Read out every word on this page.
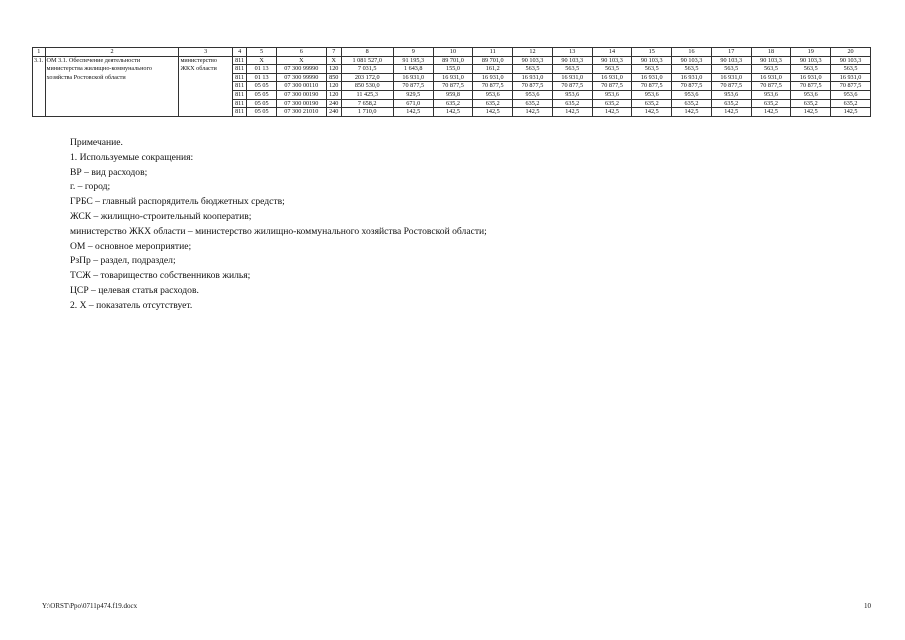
1	2	3	4	5	6	7	8	9	10	11	12	13	14	15	16	17	18	19	20
3.1.	ОМ 3.1. Обеспечение деятельности министерства жилищно-коммунального хозяйства Ростовской области	министерство ЖКХ области	811	Х	Х	Х	1 081 527,0	91 195,3	89 701,0	89 701,0	90 103,3	90 103,3	90 103,3	90 103,3	90 103,3	90 103,3	90 103,3	90 103,3	90 103,3
			811	01 13	07 300 99990	120	7 031,5	1 643,8	155,0	161,2	563,5	563,5	563,5	563,5	563,5	563,5	563,5	563,5	563,5
			811	01 13	07 300 99990	850	203 172,0	16 931,0	16 931,0	16 931,0	16 931,0	16 931,0	16 931,0	16 931,0	16 931,0	16 931,0	16 931,0	16 931,0	16 931,0
			811	05 05	07 300 00110	120	850 530,0	70 877,5	70 877,5	70 877,5	70 877,5	70 877,5	70 877,5	70 877,5	70 877,5	70 877,5	70 877,5	70 877,5	70 877,5
			811	05 05	07 300 00190	120	11 425,3	929,5	959,8	953,6	953,6	953,6	953,6	953,6	953,6	953,6	953,6	953,6	953,6
			811	05 05	07 300 00190	240	7 658,2	671,0	635,2	635,2	635,2	635,2	635,2	635,2	635,2	635,2	635,2	635,2	635,2
			811	05 05	07 300 21010	240	1 710,0	142,5	142,5	142,5	142,5	142,5	142,5	142,5	142,5	142,5	142,5	142,5	142,5
Примечание.
1. Используемые сокращения:
ВР – вид расходов;
г. – город;
ГРБС – главный распорядитель бюджетных средств;
ЖСК – жилищно-строительный кооператив;
министерство ЖКХ области – министерство жилищно-коммунального хозяйства Ростовской области;
ОМ – основное мероприятие;
РзПр – раздел, подраздел;
ТСЖ – товарищество собственников жилья;
ЦСР – целевая статья расходов.
2. Х – показатель отсутствует.
Y:\ORST\Ppo\0711p474.f19.docx	10
